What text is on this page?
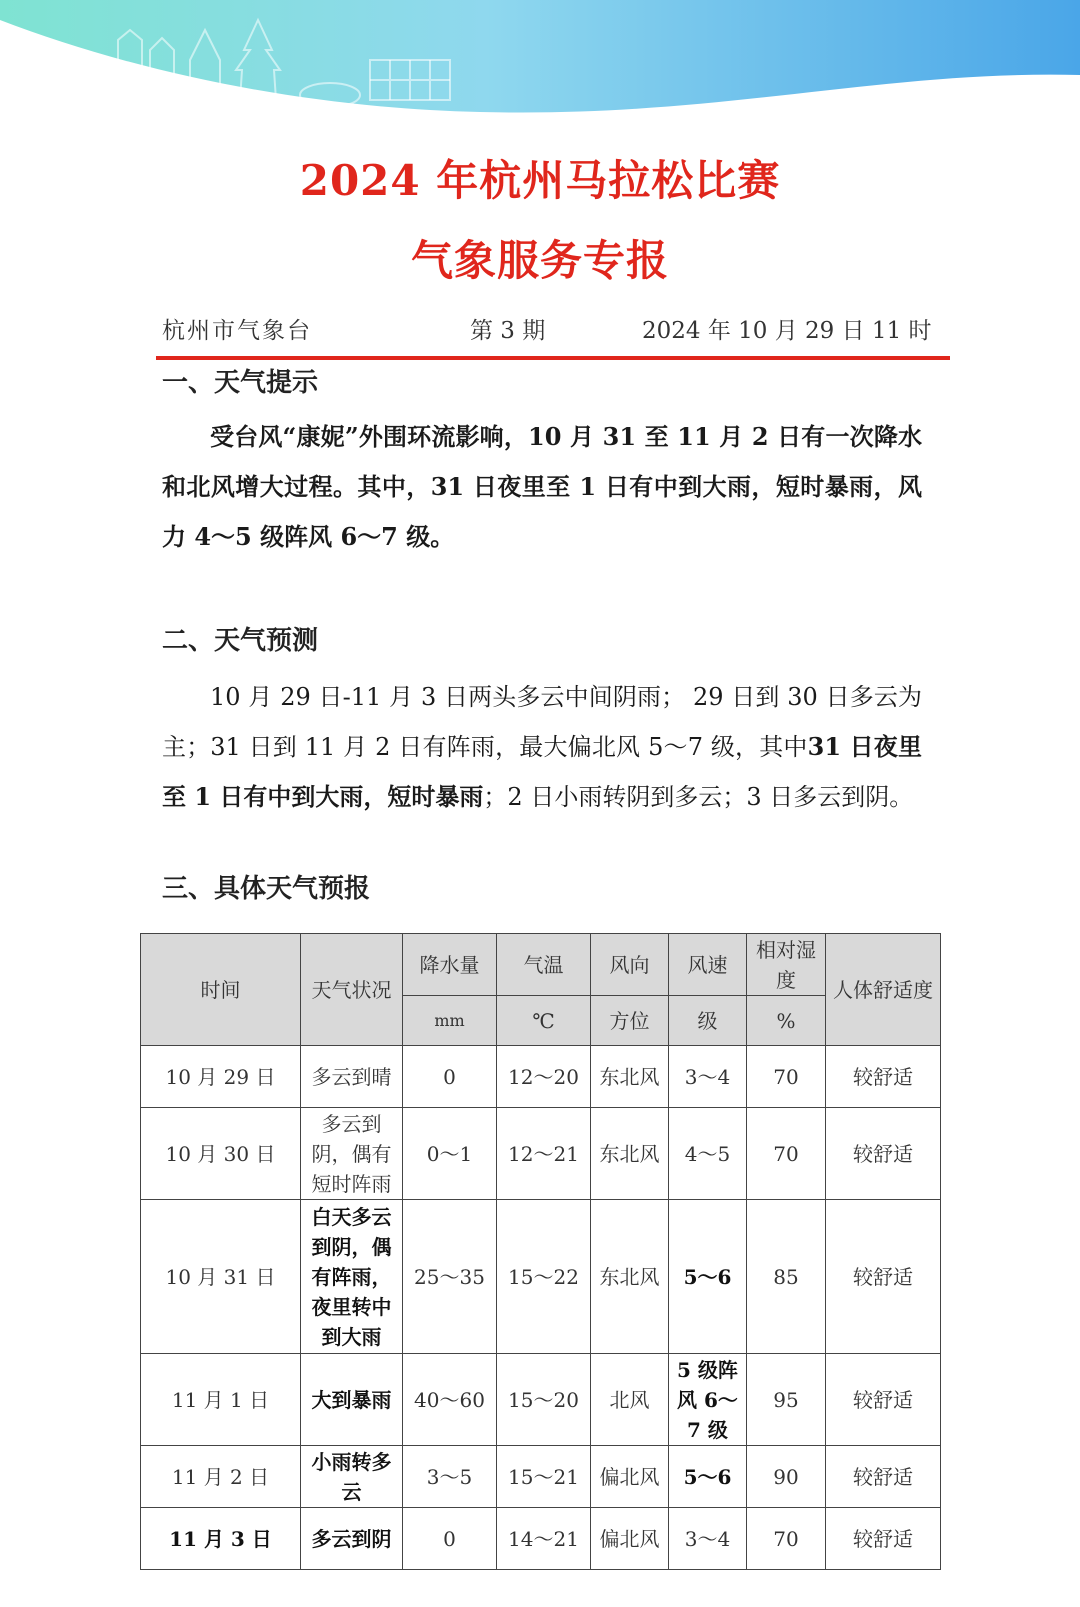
2024 年杭州马拉松比赛
气象服务专报
杭州市气象台	第 3 期	2024 年 10 月 29 日 11 时
一、天气提示
受台风“康妮”外围环流影响，10 月 31 至 11 月 2 日有一次降水和北风增大过程。其中，31 日夜里至 1 日有中到大雨，短时暴雨，风力 4～5 级阵风 6～7 级。
二、天气预测
10 月 29 日-11 月 3 日两头多云中间阴雨； 29 日到 30 日多云为主；31 日到 11 月 2 日有阵雨，最大偏北风 5～7 级，其中31 日夜里至 1 日有中到大雨，短时暴雨；2 日小雨转阴到多云；3 日多云到阴。
三、具体天气预报
时间	天气状况	降水量	气温	风向	风速	相对湿度	人体舒适度
		mm	℃	方位	级	%	
10 月 29 日	多云到晴	0	12～20	东北风	3～4	70	较舒适
10 月 30 日	多云到阴，偶有短时阵雨	0～1	12～21	东北风	4～5	70	较舒适
10 月 31 日	白天多云到阴，偶有阵雨，夜里转中到大雨	25～35	15～22	东北风	5～6	85	较舒适
11 月 1 日	大到暴雨	40～60	15～20	北风	5 级阵风 6～7 级	95	较舒适
11 月 2 日	小雨转多云	3～5	15～21	偏北风	5～6	90	较舒适
11 月 3 日	多云到阴	0	14～21	偏北风	3～4	70	较舒适
